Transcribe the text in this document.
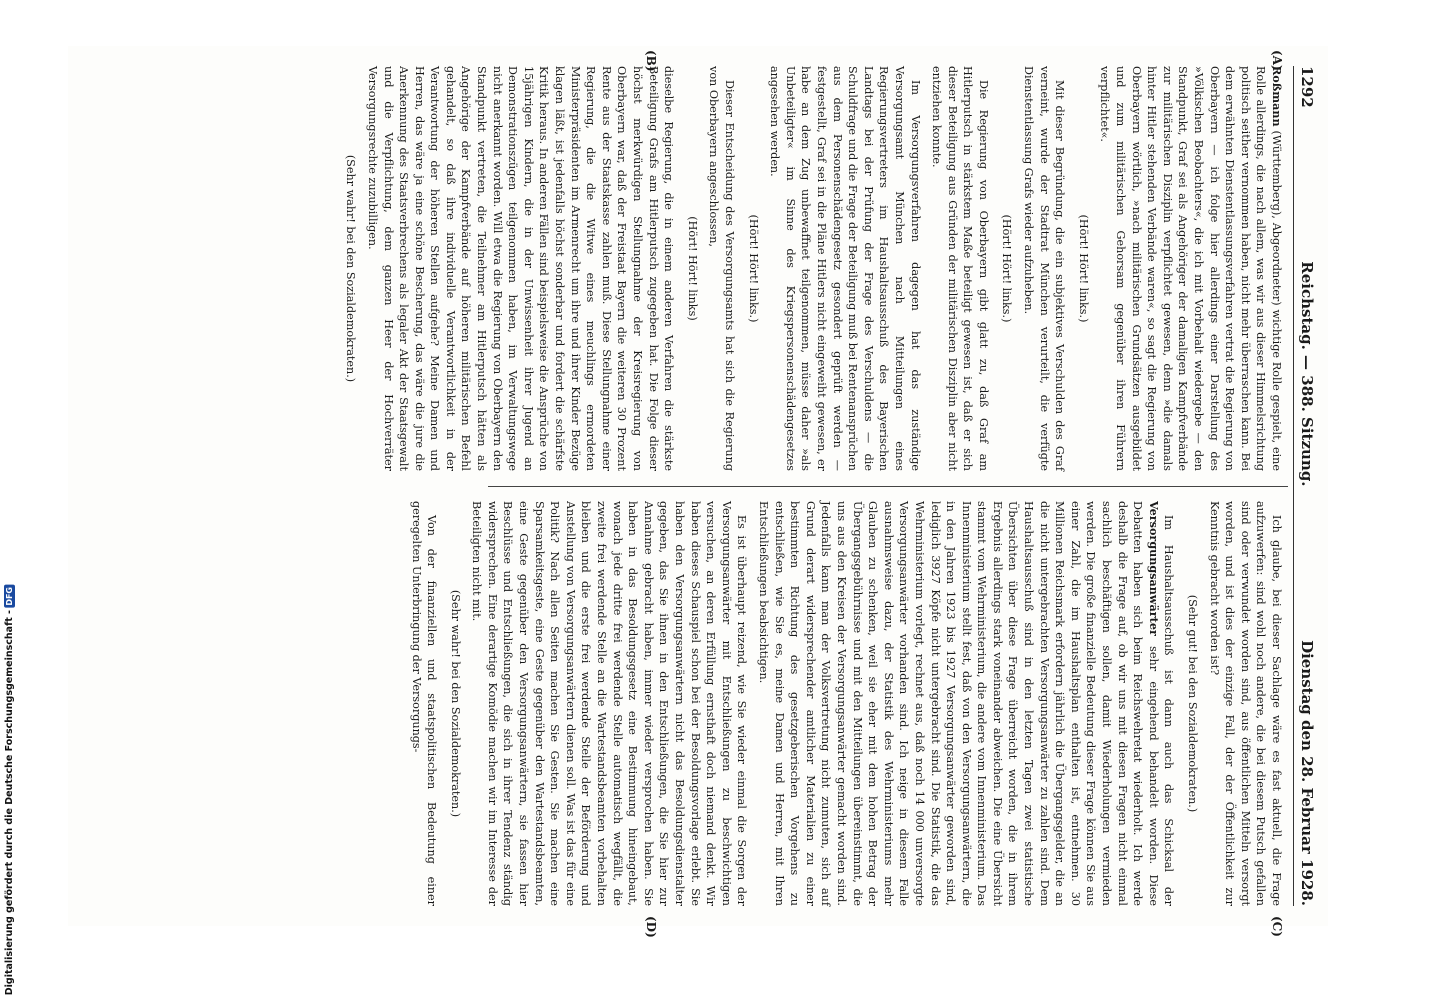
1292
Reichstag. — 388. Sitzung.
Dienstag den 28. Februar 1928.
(A)
(B)
(C)
(D)

Roßmann (Württemberg), Abgeordneter) wichtige Rolle gespielt, eine Rolle allerdings, die nach allem, was wir aus dieser Himmelsrichtung politisch seither vernommen haben, nicht mehr überraschen kann. Bei dem erwähnten Dienstentlassungsverfahren vertrat die Regierung von Oberbayern — ich folge hier allerdings einer Darstellung des »Völkischen Beobachters«, die ich mit Vorbehalt wiedergebe — den Standpunkt, Graf sei als Angehöriger der damaligen Kampfverbände zur militärischen Disziplin verpflichtet gewesen, denn »die damals hinter Hitler stehenden Verbände waren«, so sagt die Regierung von Oberbayern wörtlich, »nach militärischen Grundsätzen ausgebildet und zum militärischen Gehorsam gegenüber ihren Führern verpflichtet«.

(Hört! Hört! links.)

Mit dieser Begründung, die ein subjektives Verschulden des Graf verneint, wurde der Stadtrat München verurteilt, die verfügte Dienstentlassung Grafs wieder aufzuheben.

(Hört! Hört! links.)

Die Regierung von Oberbayern gibt glatt zu, daß Graf am Hitlerputsch in stärkstem Maße beteiligt gewesen ist, daß er sich dieser Beteiligung aus Gründen der militärischen Disziplin aber nicht entziehen konnte.

Im Versorgungsverfahren dagegen hat das zuständige Versorgungsamt München nach Mitteilungen eines Regierungsvertreters im Haushaltsausschuß des Bayerischen Landtags bei der Prüfung der Frage des Verschuldens — die Schuldfrage und die Frage der Beteiligung muß bei Rentenansprüchen aus dem Personenschädengesetz gesondert geprüft werden — festgestellt, Graf sei in die Pläne Hitlers nicht eingeweiht gewesen, er habe an dem Zug unbewaffnet teilgenommen, müsse daher »als Unbeteiligter« im Sinne des Kriegspersonenschädengesetzes angesehen werden.

(Hört! Hört! links.)

Dieser Entscheidung des Versorgungsamts hat sich die Regierung von Oberbayern angeschlossen,

(Hört! Hört! links)

dieselbe Regierung, die in einem anderen Verfahren die stärkste Beteiligung Grafs am Hitlerputsch zugegeben hat. Die Folge dieser höchst merkwürdigen Stellungnahme der Kreisregierung von Oberbayern war, daß der Freistaat Bayern die weiteren 30 Prozent Rente aus der Staatskasse zahlen muß. Diese Stellungnahme einer Regierung, die die Witwe eines meuchlings ermordeten Ministerpräsidenten im Armenrecht um ihre und ihrer Kinder Bezüge klagen läßt, ist jedenfalls höchst sonderbar und fordert die schärfste Kritik heraus. In anderen Fällen sind beispielsweise die Ansprüche von 15jährigen Kindern, die in der Unwissenheit ihrer Jugend an Demonstrationszügen teilgenommen haben, im Verwaltungswege nicht anerkannt worden. Will etwa die Regierung von Oberbayern den Standpunkt vertreten, die Teilnehmer am Hitlerputsch hätten als Angehörige der Kampfverbände auf höheren militärischen Befehl gehandelt, so daß ihre individuelle Verantwortlichkeit in der Verantwortung der höheren Stellen aufgehe? Meine Damen und Herren, das wäre ja eine schöne Bescherung, das wäre die jure die Anerkennung des Staatsverbrechens als legaler Akt der Staatsgewalt und die Verpflichtung, dem ganzen Heer der Hochverräter Versorgungsrechte zuzubilligen.

(Sehr wahr! bei den Sozialdemokraten.)

Ich glaube, bei dieser Sachlage wäre es fast aktuell, die Frage aufzuwerfen: sind wohl noch andere, die bei diesem Putsch gefallen sind oder verwundet worden sind, aus öffentlichen Mitteln versorgt worden, und ist dies der einzige Fall, der der Öffentlichkeit zur Kenntnis gebracht worden ist?

(Sehr gut! bei den Sozialdemokraten.)

Im Haushaltsausschuß ist dann auch das Schicksal der Versorgungsanwärter sehr eingehend behandelt worden. Diese Debatten haben sich beim Reichswehretat wiederholt. Ich werde deshalb die Frage auf, ob wir uns mit diesen Fragen nicht einmal sachlich beschäftigen sollen, damit Wiederholungen vermieden werden. Die große finanzielle Bedeutung dieser Frage können Sie aus einer Zahl, die im Haushaltsplan enthalten ist, entnehmen. 30 Millionen Reichsmark erfordern jährlich die Übergangsgelder, die an die nicht untergebrachten Versorgungsanwärter zu zahlen sind. Dem Haushaltsausschuß sind in den letzten Tagen zwei statistische Übersichten über diese Frage überreicht worden, die in ihrem Ergebnis allerdings stark voneinander abweichen. Die eine Übersicht stammt vom Wehrministerium, die andere vom Innenministerium. Das Innenministerium stellt fest, daß von den Versorgungsanwärtern, die in den Jahren 1923 bis 1927 Versorgungsanwärter geworden sind, lediglich 3927 Köpfe nicht untergebracht sind. Die Statistik, die das Wehrministerium vorlegt, rechnet aus, daß noch 14 000 unversorgte Versorgungsanwärter vorhanden sind. Ich neige in diesem Falle ausnahmsweise dazu, der Statistik des Wehrministeriums mehr Glauben zu schenken, weil sie eher mit dem hohen Betrag der Übergangsgebührnisse und mit den Mitteilungen übereinstimmt, die uns aus den Kreisen der Versorgungsanwärter gemacht worden sind. Jedenfalls kann man der Volksvertretung nicht zumuten, sich auf Grund derart widersprechender amtlicher Materialien zu einer bestimmten Richtung des gesetzgeberischen Vorgehens zu entschließen, wie Sie es, meine Damen und Herren, mit Ihren Entschließungen beabsichtigen.

Es ist überhaupt reizend, wie Sie wieder einmal die Sorgen der Versorgungsanwärter mit Entschließungen zu beschwichtigen versuchen, an deren Erfüllung ernsthaft doch niemand denkt. Wir haben dieses Schauspiel schon bei der Besoldungsvorlage erlebt. Sie haben den Versorgungsanwärtern nicht das Besoldungsdienstalter gegeben, das Sie ihnen in den Entschließungen, die Sie hier zur Annahme gebracht haben, immer wieder versprochen haben. Sie haben in das Besoldungsgesetz eine Bestimmung hineingebaut, wonach jede dritte frei werdende Stelle automatisch wegfällt, die zweite frei werdende Stelle an die Wartestandsbeamten vorbehalten bleiben und die erste frei werdende Stelle der Beförderung und Anstellung von Versorgungsanwärtern dienen soll. Was ist das für eine Politik? Nach allen Seiten machen Sie Gesten. Sie machen eine Sparsamkeitsgeste, eine Geste gegenüber den Wartestandsbeamten, eine Geste gegenüber den Versorgungsanwärtern, sie fassen hier Beschlüsse und Entschließungen, die sich in ihrer Tendenz ständig widersprechen. Eine derartige Komödie machen wir im Interesse der Beteiligten nicht mit.

(Sehr wahr! bei den Sozialdemokraten.)

Von der finanziellen und staatspolitischen Bedeutung einer geregelten Unterbringung der Versorgungs-

DFG
Digitalisierung gefördert durch die Deutsche Forschungsgemeinschaft -
